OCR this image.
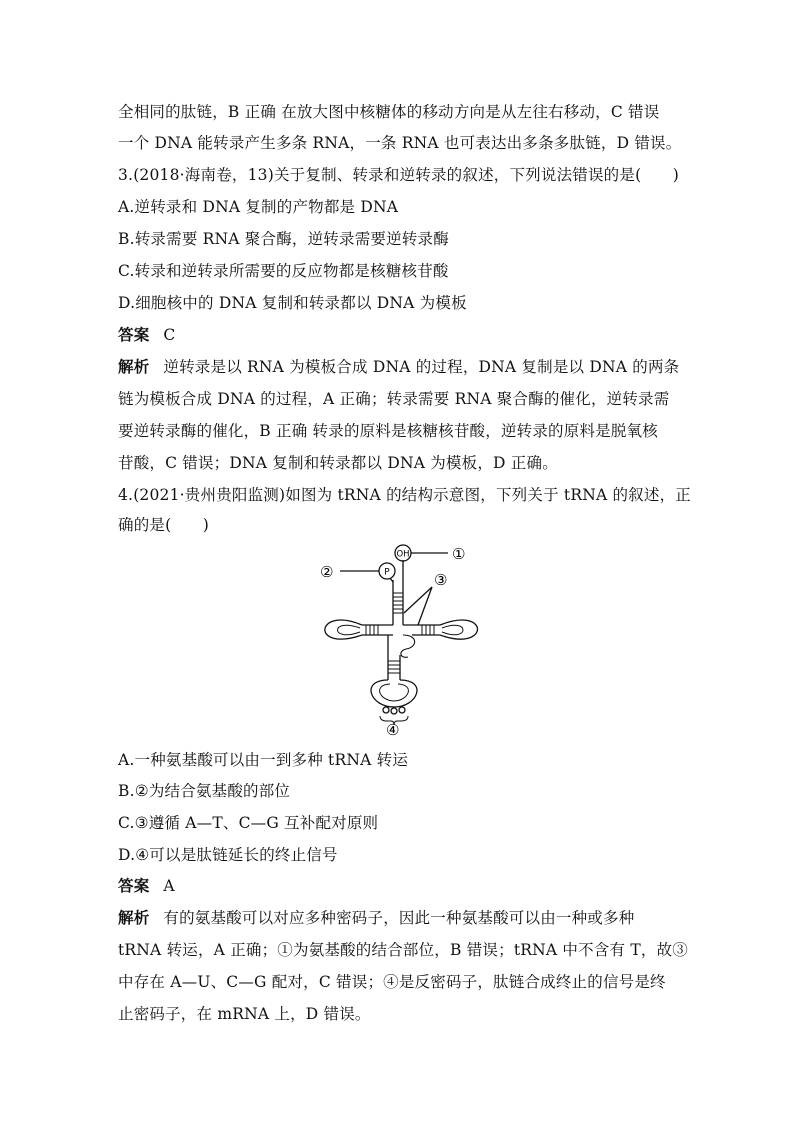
全相同的肽链，B 正确 在放大图中核糖体的移动方向是从左往右移动，C 错误
一个 DNA 能转录产生多条 RNA，一条 RNA 也可表达出多条多肽链，D 错误。
3.(2018·海南卷，13)关于复制、转录和逆转录的叙述，下列说法错误的是(　　)
A.逆转录和 DNA 复制的产物都是 DNA
B.转录需要 RNA 聚合酶，逆转录需要逆转录酶
C.转录和逆转录所需要的反应物都是核糖核苷酸
D.细胞核中的 DNA 复制和转录都以 DNA 为模板
答案 C
解析 逆转录是以 RNA 为模板合成 DNA 的过程，DNA 复制是以 DNA 的两条
链为模板合成 DNA 的过程，A 正确；转录需要 RNA 聚合酶的催化，逆转录需
要逆转录酶的催化，B 正确 转录的原料是核糖核苷酸，逆转录的原料是脱氧核
苷酸，C 错误；DNA 复制和转录都以 DNA 为模板，D 正确。
4.(2021·贵州贵阳监测)如图为 tRNA 的结构示意图，下列关于 tRNA 的叙述，正
确的是(　　)
OH
P
①
②	③
④
A.一种氨基酸可以由一到多种 tRNA 转运
B.②为结合氨基酸的部位
C.③遵循 A—T、C—G 互补配对原则
D.④可以是肽链延长的终止信号
答案 A
解析 有的氨基酸可以对应多种密码子，因此一种氨基酸可以由一种或多种
tRNA 转运，A 正确；①为氨基酸的结合部位，B 错误；tRNA 中不含有 T，故③
中存在 A—U、C—G 配对，C 错误；④是反密码子，肽链合成终止的信号是终
止密码子，在 mRNA 上，D 错误。
